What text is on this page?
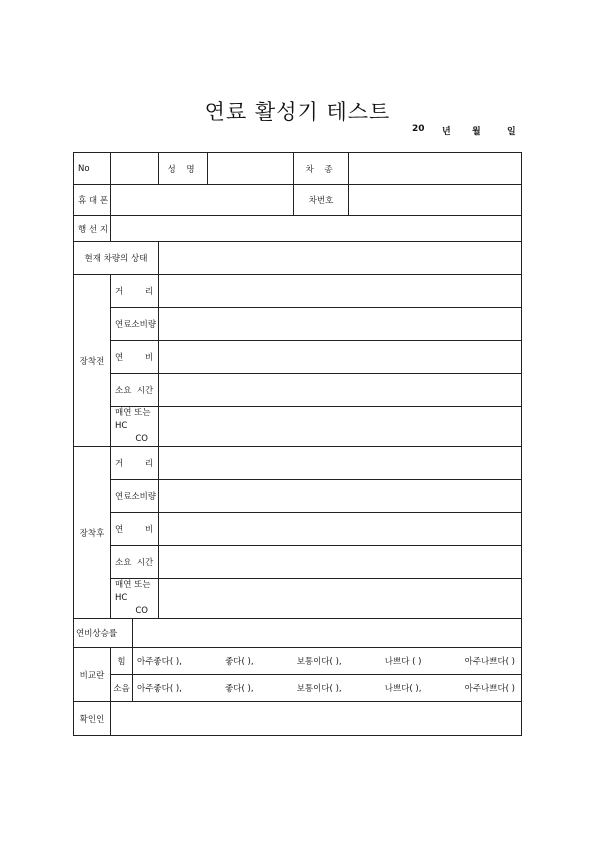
연료 활성기 테스트
20 년 월	일
No			성 명		차 종	
휴 대 폰					차번호	
행 선 지						
현재 차량의 상태						
장착전	거        리					
	연료소비량					
	연        비					
	소요  시간					
	매연 또는 HC
CO					

장착후	거        리					
	연료소비량					
	연        비					
	소요  시간					
	매연 또는 HC
CO					

연비상승률						
비교란	힘	아주좋다( ), 좋다( ), 보통이다( ), 나쁘다 ( ) 아주나쁘다( )				

	소음	아주좋다( ), 좋다( ), 보통이다( ), 나쁘다( ), 아주나쁘다( )				

확인인						
